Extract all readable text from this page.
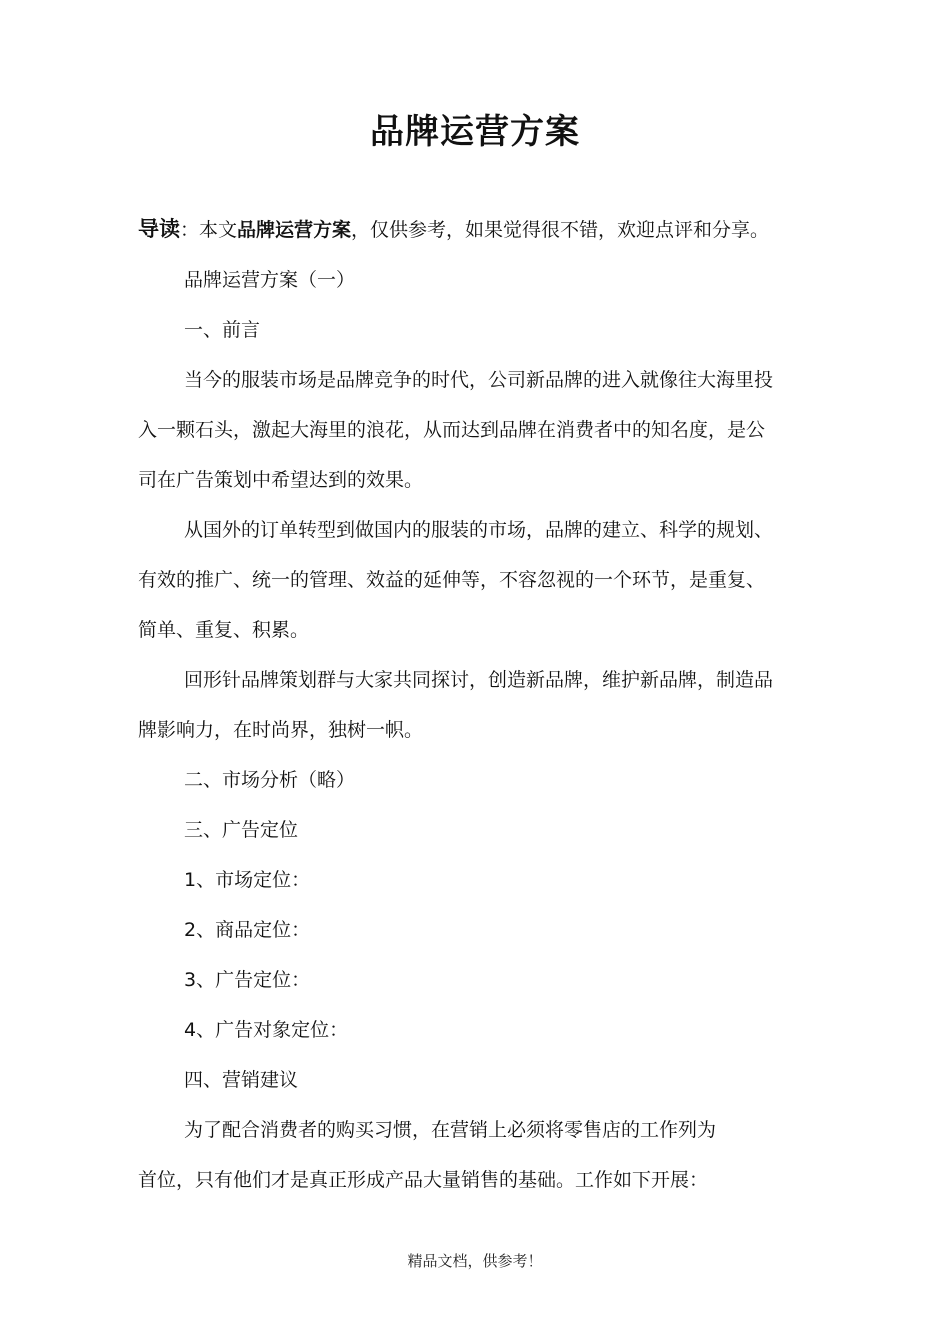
品牌运营方案

导读：本文品牌运营方案，仅供参考，如果觉得很不错，欢迎点评和分享。

品牌运营方案（一）

一、前言

当今的服装市场是品牌竞争的时代，公司新品牌的进入就像往大海里投

入一颗石头，激起大海里的浪花，从而达到品牌在消费者中的知名度，是公

司在广告策划中希望达到的效果。

从国外的订单转型到做国内的服装的市场，品牌的建立、科学的规划、

有效的推广、统一的管理、效益的延伸等，不容忽视的一个环节，是重复、

简单、重复、积累。

回形针品牌策划群与大家共同探讨，创造新品牌，维护新品牌，制造品

牌影响力，在时尚界，独树一帜。

二、市场分析（略）

三、广告定位

1、市场定位：

2、商品定位：

3、广告定位：

4、广告对象定位：

四、营销建议

为了配合消费者的购买习惯，在营销上必须将零售店的工作列为

首位，只有他们才是真正形成产品大量销售的基础。工作如下开展：

精品文档，供参考！
